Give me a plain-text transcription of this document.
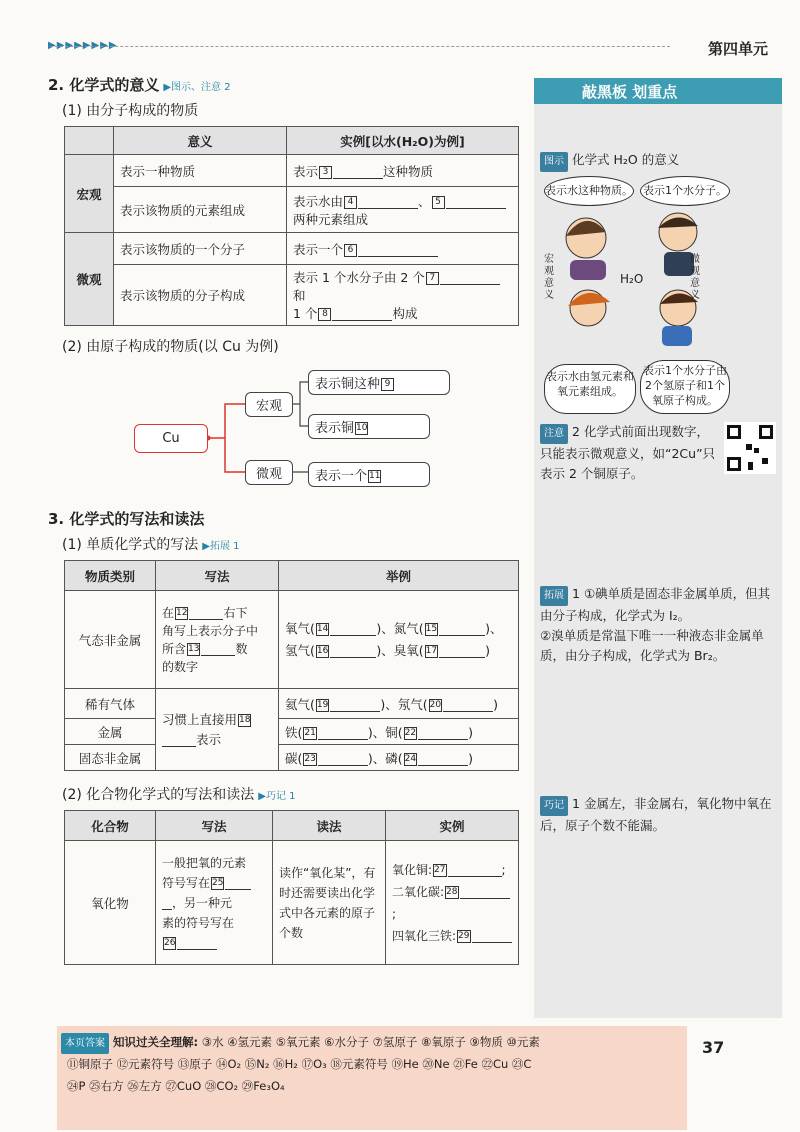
▶▶▶▶▶▶▶▶	第四单元
2. 化学式的意义 ▶图示、注意 2
(1) 由分子构成的物质
	意义	实例[以水(H₂O)为例]
宏观	表示一种物质	表示 3 这种物质
	表示该物质的元素组成	表示水由 4 、 5两种元素组成
微观	表示该物质的一个分子	表示一个 6
	表示该物质的分子构成	表示 1 个水分子由 2 个 7和
1 个 8 构成
(2) 由原子构成的物质(以 Cu 为例)
Cu
宏观
微观
表示铜这种 9
表示铜 10
表示一个 11
3. 化学式的写法和读法
(1) 单质化学式的写法 ▶拓展 1
物质类别	写法	举例
气态非金属	在 12 右下
角写上表示分子中
所含 13 数
的数字	氧气( 14 )、氮气( 15 )、
氢气( 16 )、臭氧( 17 )
稀有气体	习惯上直接用 18
表示	氦气( 19 )、氖气( 20 )
金属		铁( 21 )、铜( 22 )
固态非金属		碳( 23 )、磷( 24 )
(2) 化合物化学式的写法和读法 ▶巧记 1
化合物	写法	读法	实例
氧化物	一般把氧的元素
符号写在 25
，另一种元
素的符号写在
26	读作“氧化某”，有时还需要读出化学式中各元素的原子个数	氧化铜: 27 ;
二氧化碳: 28;
四氧化三铁: 29
敲黑板 划重点
图示 化学式 H₂O 的意义
表示水这种物质。 表示1个水分子。
宏观意义
微观意义
H₂O
表示水由氢元素和氧元素组成。
表示1个水分子由2个氢原子和1个氧原子构成。
注意 2 化学式前面出现数字，只能表示微观意义，如“2Cu”只表示 2 个铜原子。
拓展 1 ①碘单质是固态非金属单质，但其由分子构成，化学式为 I₂。
②溴单质是常温下唯一一种液态非金属单质，由分子构成，化学式为 Br₂。
巧记 1 金属左，非金属右，氧化物中氧在后，原子个数不能漏。
本页答案 知识过关全理解: ③水 ④氢元素 ⑤氧元素 ⑥水分子 ⑦氢原子 ⑧氧原子 ⑨物质 ⑩元素
⑪铜原子 ⑫元素符号 ⑬原子 ⑭O₂ ⑮N₂ ⑯H₂ ⑰O₃ ⑱元素符号 ⑲He ⑳Ne ㉑Fe ㉒Cu ㉓C
㉔P ㉕右方 ㉖左方 ㉗CuO ㉘CO₂ ㉙Fe₃O₄
37
